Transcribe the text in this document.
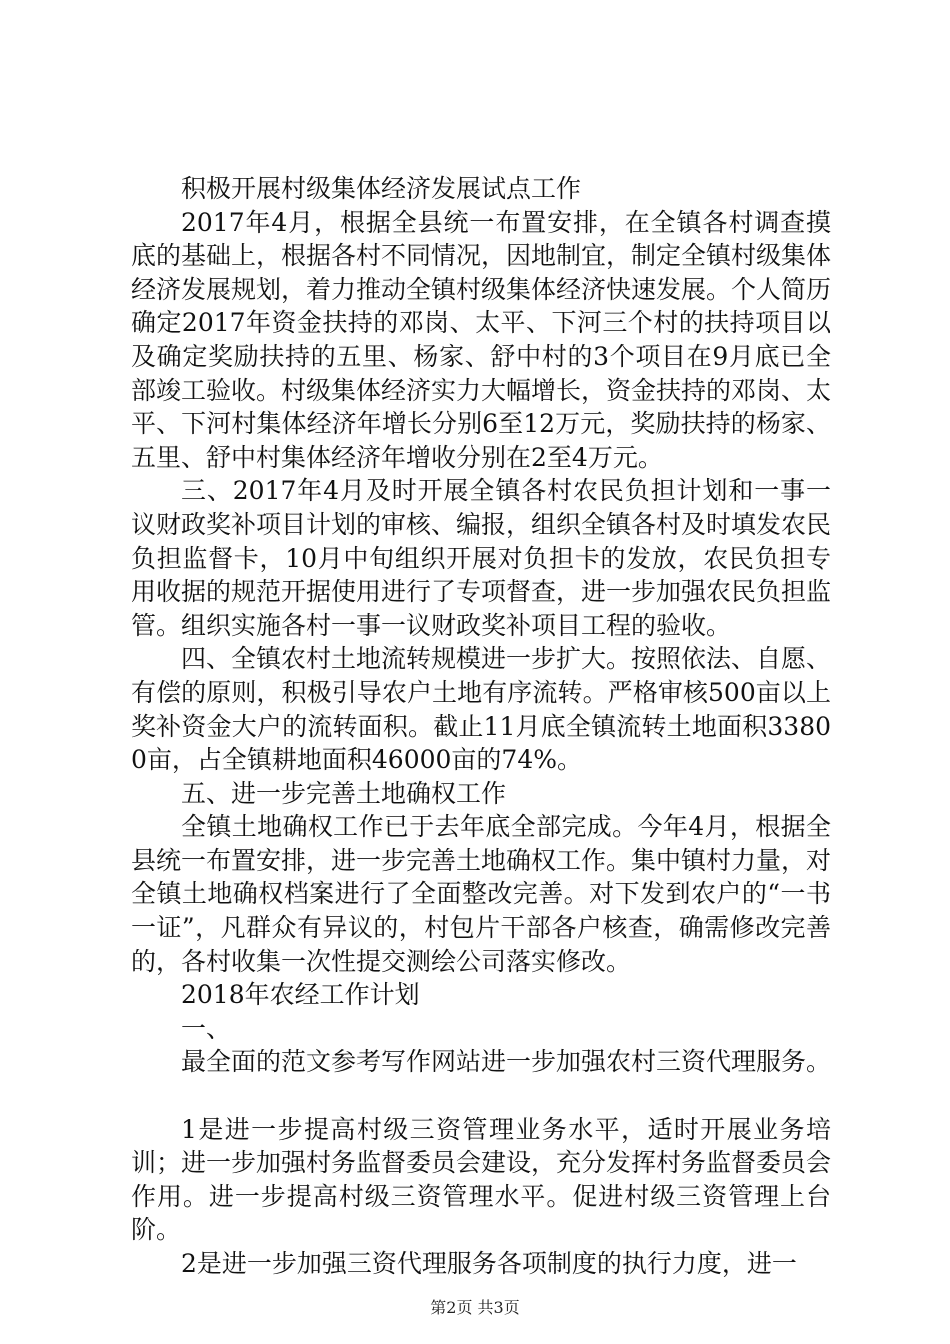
积极开展村级集体经济发展试点工作

2017年4月，根据全县统一布置安排，在全镇各村调查摸底的基础上，根据各村不同情况，因地制宜，制定全镇村级集体经济发展规划，着力推动全镇村级集体经济快速发展。个人简历确定2017年资金扶持的邓岗、太平、下河三个村的扶持项目以及确定奖励扶持的五里、杨家、舒中村的3个项目在9月底已全部竣工验收。村级集体经济实力大幅增长，资金扶持的邓岗、太平、下河村集体经济年增长分别6至12万元，奖励扶持的杨家、五里、舒中村集体经济年增收分别在2至4万元。

三、2017年4月及时开展全镇各村农民负担计划和一事一议财政奖补项目计划的审核、编报，组织全镇各村及时填发农民负担监督卡，10月中旬组织开展对负担卡的发放，农民负担专用收据的规范开据使用进行了专项督查，进一步加强农民负担监管。组织实施各村一事一议财政奖补项目工程的验收。

四、全镇农村土地流转规模进一步扩大。按照依法、自愿、有偿的原则，积极引导农户土地有序流转。严格审核500亩以上奖补资金大户的流转面积。截止11月底全镇流转土地面积33800亩，占全镇耕地面积46000亩的74%。

五、进一步完善土地确权工作

全镇土地确权工作已于去年底全部完成。今年4月，根据全县统一布置安排，进一步完善土地确权工作。集中镇村力量，对全镇土地确权档案进行了全面整改完善。对下发到农户的“一书一证”，凡群众有异议的，村包片干部各户核查，确需修改完善的，各村收集一次性提交测绘公司落实修改。

2018年农经工作计划

一、

最全面的范文参考写作网站进一步加强农村三资代理服务。

1是进一步提高村级三资管理业务水平，适时开展业务培训；进一步加强村务监督委员会建设，充分发挥村务监督委员会作用。进一步提高村级三资管理水平。促进村级三资管理上台阶。

2是进一步加强三资代理服务各项制度的执行力度，进一

第2页 共3页
